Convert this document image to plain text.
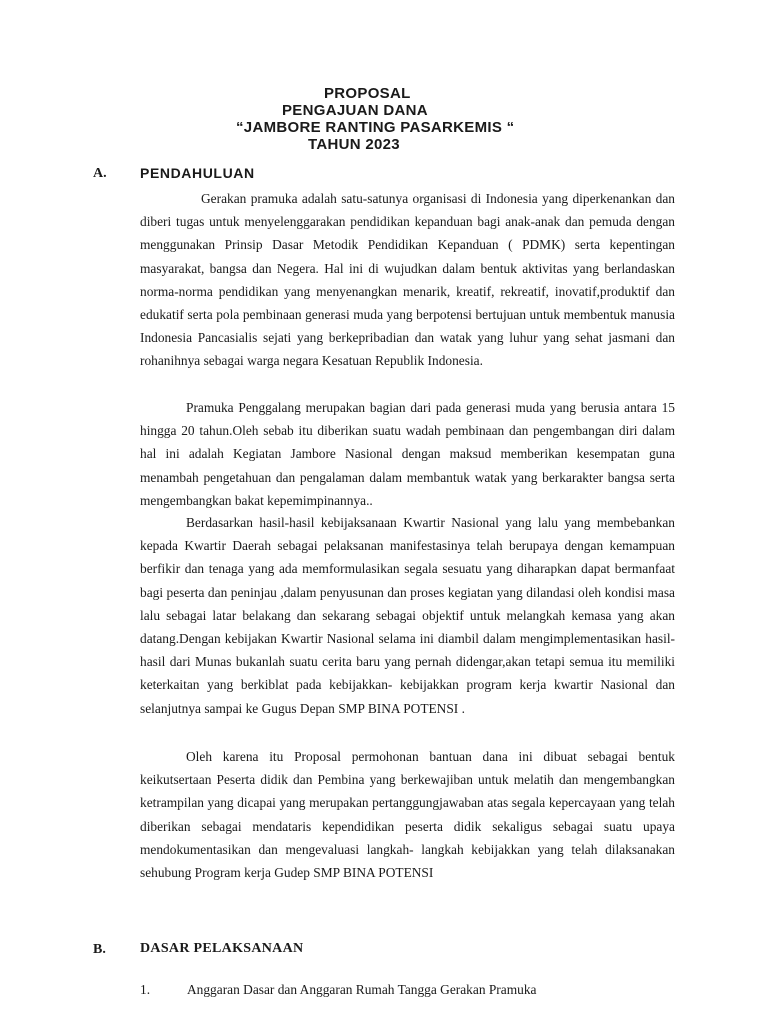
PROPOSAL
PENGAJUAN DANA
“JAMBORE RANTING PASARKEMIS “
TAHUN 2023
A. PENDAHULUAN

Gerakan pramuka adalah satu-satunya organisasi di Indonesia yang diperkenankan dan diberi tugas untuk menyelenggarakan pendidikan kepanduan bagi anak-anak dan pemuda dengan menggunakan Prinsip Dasar Metodik Pendidikan Kepanduan ( PDMK) serta kepentingan masyarakat, bangsa dan Negera. Hal ini di wujudkan dalam bentuk aktivitas yang berlandaskan norma-norma pendidikan yang menyenangkan menarik, kreatif, rekreatif, inovatif,produktif dan edukatif serta pola pembinaan generasi muda yang berpotensi bertujuan untuk membentuk manusia Indonesia Pancasialis sejati yang berkepribadian dan watak yang luhur yang sehat jasmani dan rohanihnya sebagai warga negara Kesatuan Republik Indonesia.

Pramuka Penggalang merupakan bagian dari pada generasi muda yang berusia antara 15 hingga 20 tahun.Oleh sebab itu diberikan suatu wadah pembinaan dan pengembangan diri dalam hal ini adalah Kegiatan Jambore Nasional dengan maksud memberikan kesempatan guna menambah pengetahuan dan pengalaman dalam membantuk watak yang berkarakter bangsa serta mengembangkan bakat kepemimpinannya..

Berdasarkan hasil-hasil kebijaksanaan Kwartir Nasional yang lalu yang membebankan kepada Kwartir Daerah sebagai pelaksanan manifestasinya telah berupaya dengan kemampuan berfikir dan tenaga yang ada memformulasikan segala sesuatu yang diharapkan dapat bermanfaat bagi peserta dan peninjau ,dalam penyusunan dan proses kegiatan yang dilandasi oleh kondisi masa lalu sebagai latar belakang dan sekarang sebagai objektif untuk melangkah kemasa yang akan datang.Dengan kebijakan Kwartir Nasional selama ini diambil dalam mengimplementasikan hasil-hasil dari Munas bukanlah suatu cerita baru yang pernah didengar,akan tetapi semua itu memiliki keterkaitan yang berkiblat pada kebijakkan- kebijakkan program kerja kwartir Nasional dan selanjutnya sampai ke Gugus Depan SMP BINA POTENSI .

Oleh karena itu Proposal permohonan bantuan dana ini dibuat sebagai bentuk keikutsertaan Peserta didik dan Pembina yang berkewajiban untuk melatih dan mengembangkan ketrampilan yang dicapai yang merupakan pertanggungjawaban atas segala kepercayaan yang telah diberikan sebagai mendataris kependidikan peserta didik sekaligus sebagai suatu upaya mendokumentasikan dan mengevaluasi langkah- langkah kebijakkan yang telah dilaksanakan sehubung Program kerja Gudep SMP BINA POTENSI

B. DASAR PELAKSANAAN
1.	Anggaran Dasar dan Anggaran Rumah Tangga Gerakan Pramuka
